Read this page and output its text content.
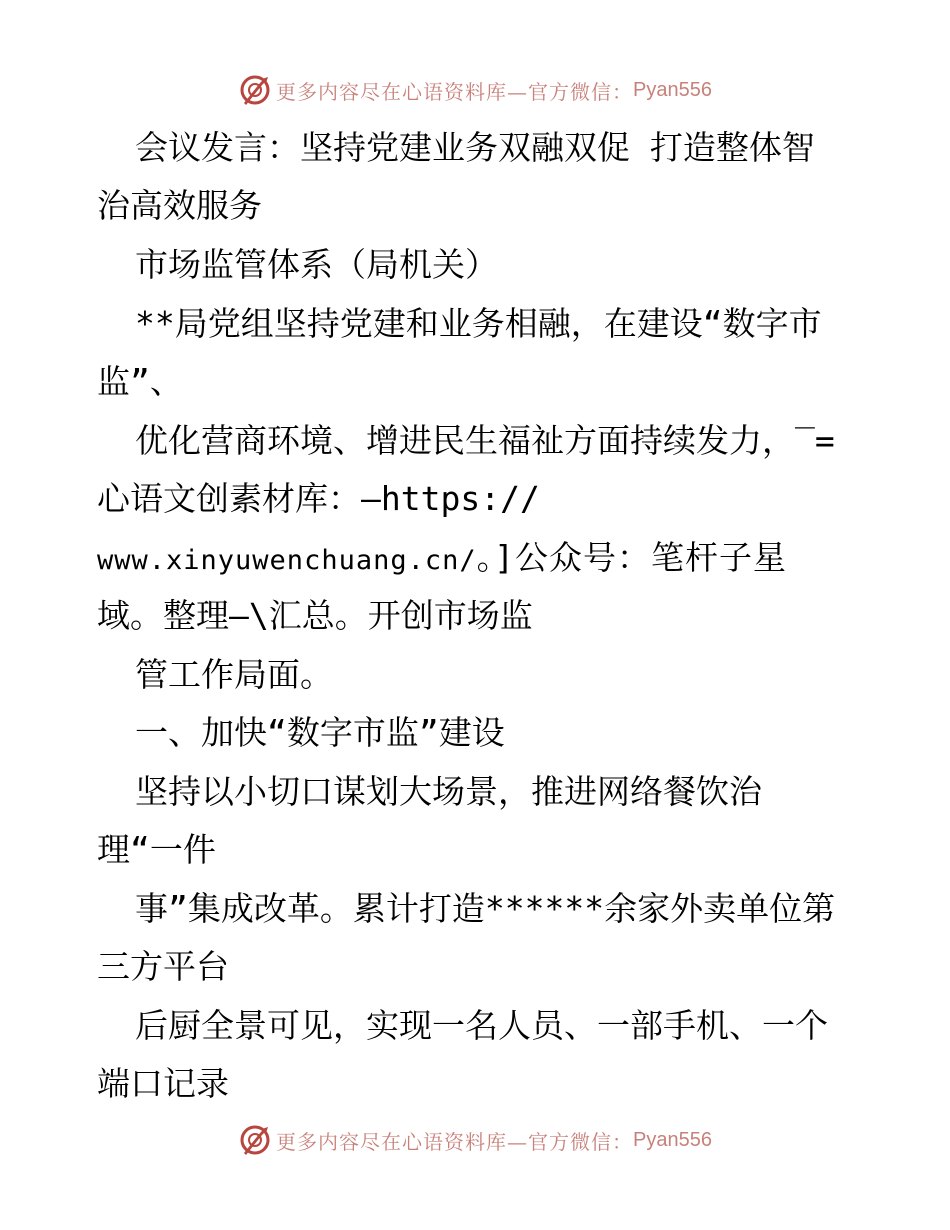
更多内容尽在心语资料库—官方微信： Pyan556
会议发言：坚持党建业务双融双促 打造整体智
治高效服务
市场监管体系（局机关）
**局党组坚持党建和业务相融，在建设“数字市
监”、
优化营商环境、增进民生福祉方面持续发力，‾=
心语文创素材库：—https://
www.xinyuwenchuang.cn/。]公众号：笔杆子星
域。整理—\汇总。开创市场监
管工作局面。
一、加快“数字市监”建设
坚持以小切口谋划大场景，推进网络餐饮治
理“一件
事”集成改革。累计打造******余家外卖单位第
三方平台
后厨全景可见，实现一名人员、一部手机、一个
端口记录
更多内容尽在心语资料库—官方微信： Pyan556
